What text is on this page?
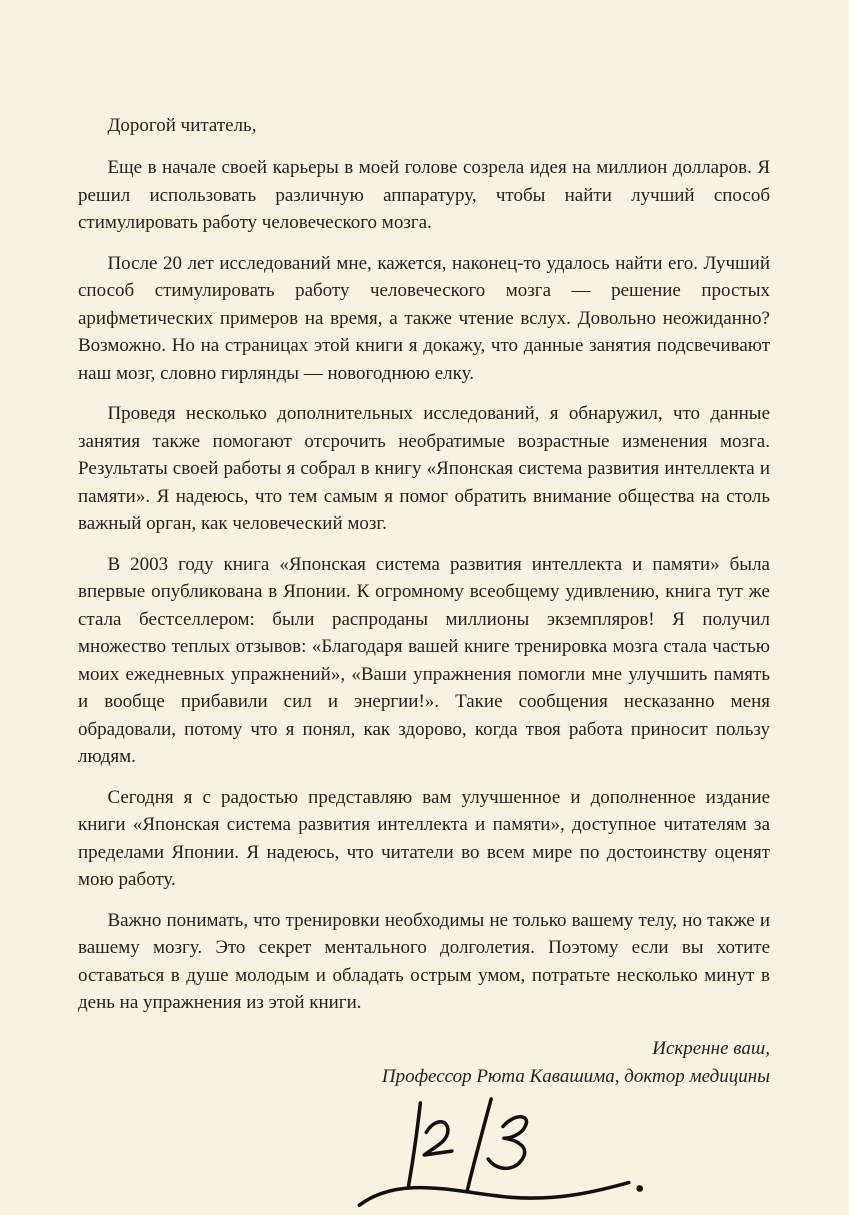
Дорогой читатель,

Еще в начале своей карьеры в моей голове созрела идея на миллион долларов. Я решил использовать различную аппаратуру, чтобы найти лучший способ стимулировать работу человеческого мозга.

После 20 лет исследований мне, кажется, наконец-то удалось найти его. Лучший способ стимулировать работу человеческого мозга — решение простых арифметических примеров на время, а также чтение вслух. Довольно неожиданно? Возможно. Но на страницах этой книги я докажу, что данные занятия подсвечивают наш мозг, словно гирлянды — новогоднюю елку.

Проведя несколько дополнительных исследований, я обнаружил, что данные занятия также помогают отсрочить необратимые возрастные изменения мозга. Результаты своей работы я собрал в книгу «Японская система развития интеллекта и памяти». Я надеюсь, что тем самым я помог обратить внимание общества на столь важный орган, как человеческий мозг.

В 2003 году книга «Японская система развития интеллекта и памяти» была впервые опубликована в Японии. К огромному всеобщему удивлению, книга тут же стала бестселлером: были распроданы миллионы экземпляров! Я получил множество теплых отзывов: «Благодаря вашей книге тренировка мозга стала частью моих ежедневных упражнений», «Ваши упражнения помогли мне улучшить память и вообще прибавили сил и энергии!». Такие сообщения несказанно меня обрадовали, потому что я понял, как здорово, когда твоя работа приносит пользу людям.

Сегодня я с радостью представляю вам улучшенное и дополненное издание книги «Японская система развития интеллекта и памяти», доступное читателям за пределами Японии. Я надеюсь, что читатели во всем мире по достоинству оценят мою работу.

Важно понимать, что тренировки необходимы не только вашему телу, но также и вашему мозгу. Это секрет ментального долголетия. Поэтому если вы хотите оставаться в душе молодым и обладать острым умом, потратьте несколько минут в день на упражнения из этой книги.

Искренне ваш,

Профессор Рюта Кавашима, доктор медицины
